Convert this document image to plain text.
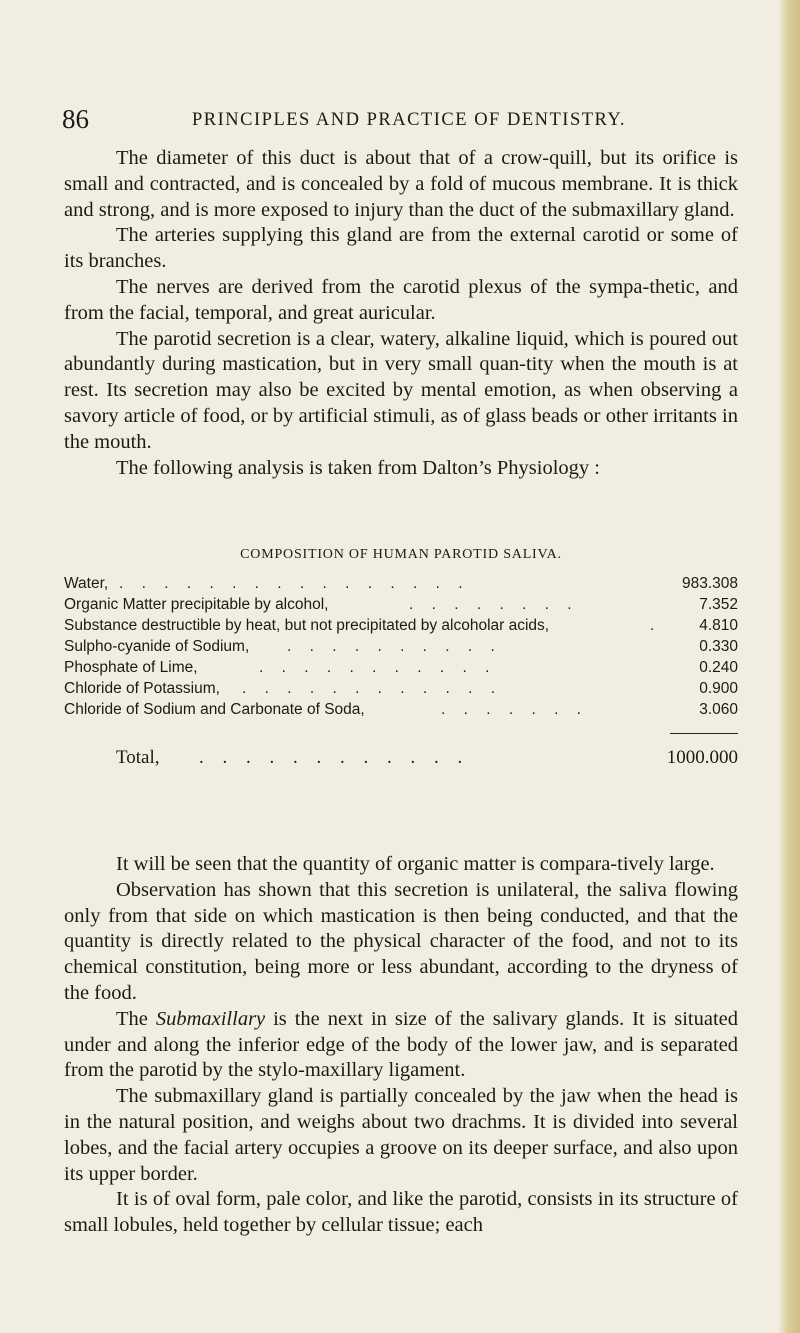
86	PRINCIPLES AND PRACTICE OF DENTISTRY.

The diameter of this duct is about that of a crow-quill, but its orifice is small and contracted, and is concealed by a fold of mucous membrane. It is thick and strong, and is more exposed to injury than the duct of the submaxillary gland.

The arteries supplying this gland are from the external carotid or some of its branches.

The nerves are derived from the carotid plexus of the sympa-thetic, and from the facial, temporal, and great auricular.

The parotid secretion is a clear, watery, alkaline liquid, which is poured out abundantly during mastication, but in very small quan-tity when the mouth is at rest. Its secretion may also be excited by mental emotion, as when observing a savory article of food, or by artificial stimuli, as of glass beads or other irritants in the mouth.

The following analysis is taken from Dalton’s Physiology :

COMPOSITION OF HUMAN PAROTID SALIVA.
Water, . . . . . . . . . . . . . . . .	983.308
Organic Matter precipitable by alcohol,	. . . . . . . .	7.352
Substance destructible by heat, but not precipitated by alcoholar acids,	. 4.810
Sulpho-cyanide of Sodium, . . . . . . . . . .	0.330
Phosphate of Lime,	. . . . . . . . . . .	0.240
Chloride of Potassium, . . . . . . . . . . . .	0.900
Chloride of Sodium and Carbonate of Soda,	. . . . . . .	3.060
Total, . . . . . . . . . . . .	1000.000

It will be seen that the quantity of organic matter is compara-tively large.

Observation has shown that this secretion is unilateral, the saliva flowing only from that side on which mastication is then being conducted, and that the quantity is directly related to the physical character of the food, and not to its chemical constitution, being more or less abundant, according to the dryness of the food.

The Submaxillary is the next in size of the salivary glands. It is situated under and along the inferior edge of the body of the lower jaw, and is separated from the parotid by the stylo-maxillary ligament.

The submaxillary gland is partially concealed by the jaw when the head is in the natural position, and weighs about two drachms. It is divided into several lobes, and the facial artery occupies a groove on its deeper surface, and also upon its upper border.

It is of oval form, pale color, and like the parotid, consists in its structure of small lobules, held together by cellular tissue; each
